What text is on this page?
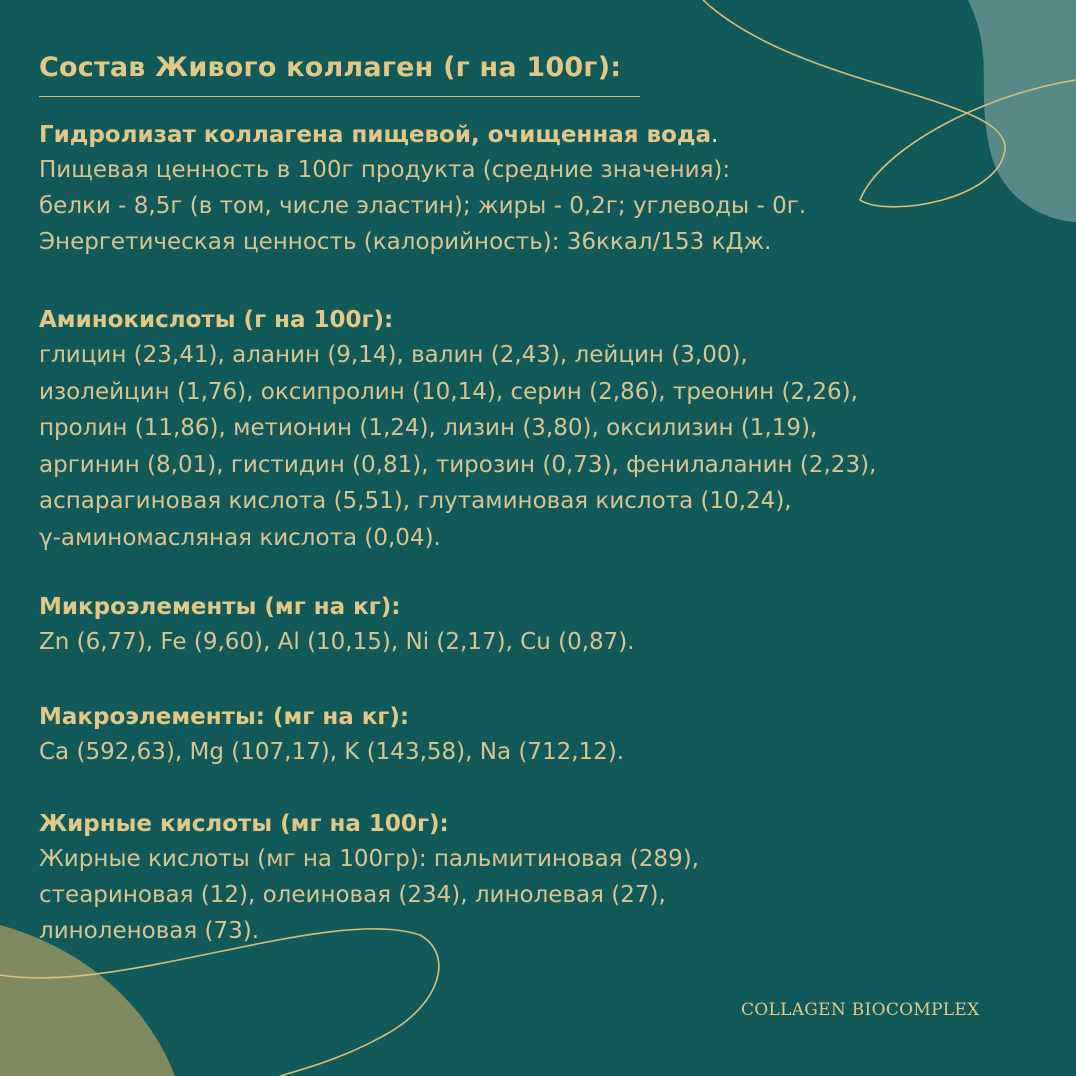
Состав Живого коллаген (г на 100г):
Гидролизат коллагена пищевой, очищенная вода.
Пищевая ценность в 100г продукта (средние значения):
белки - 8,5г (в том, числе эластин); жиры - 0,2г; углеводы - 0г.
Энергетическая ценность (калорийность): 36ккал/153 кДж.
Аминокислоты (г на 100г):
глицин (23,41), аланин (9,14), валин (2,43), лейцин (3,00),
изолейцин (1,76), оксипролин (10,14), серин (2,86), треонин (2,26),
пролин (11,86), метионин (1,24), лизин (3,80), оксилизин (1,19),
аргинин (8,01), гистидин (0,81), тирозин (0,73), фенилаланин (2,23),
аспарагиновая кислота (5,51), глутаминовая кислота (10,24),
γ-аминомасляная кислота (0,04).
Микроэлементы (мг на кг):
Zn (6,77), Fe (9,60), Al (10,15), Ni (2,17), Cu (0,87).
Макроэлементы: (мг на кг):
Ca (592,63), Mg (107,17), K (143,58), Na (712,12).
Жирные кислоты (мг на 100г):
Жирные кислоты (мг на 100гр): пальмитиновая (289),
стеариновая (12), олеиновая (234), линолевая (27),
линоленовая (73).
COLLAGEN BIOCOMPLEX
